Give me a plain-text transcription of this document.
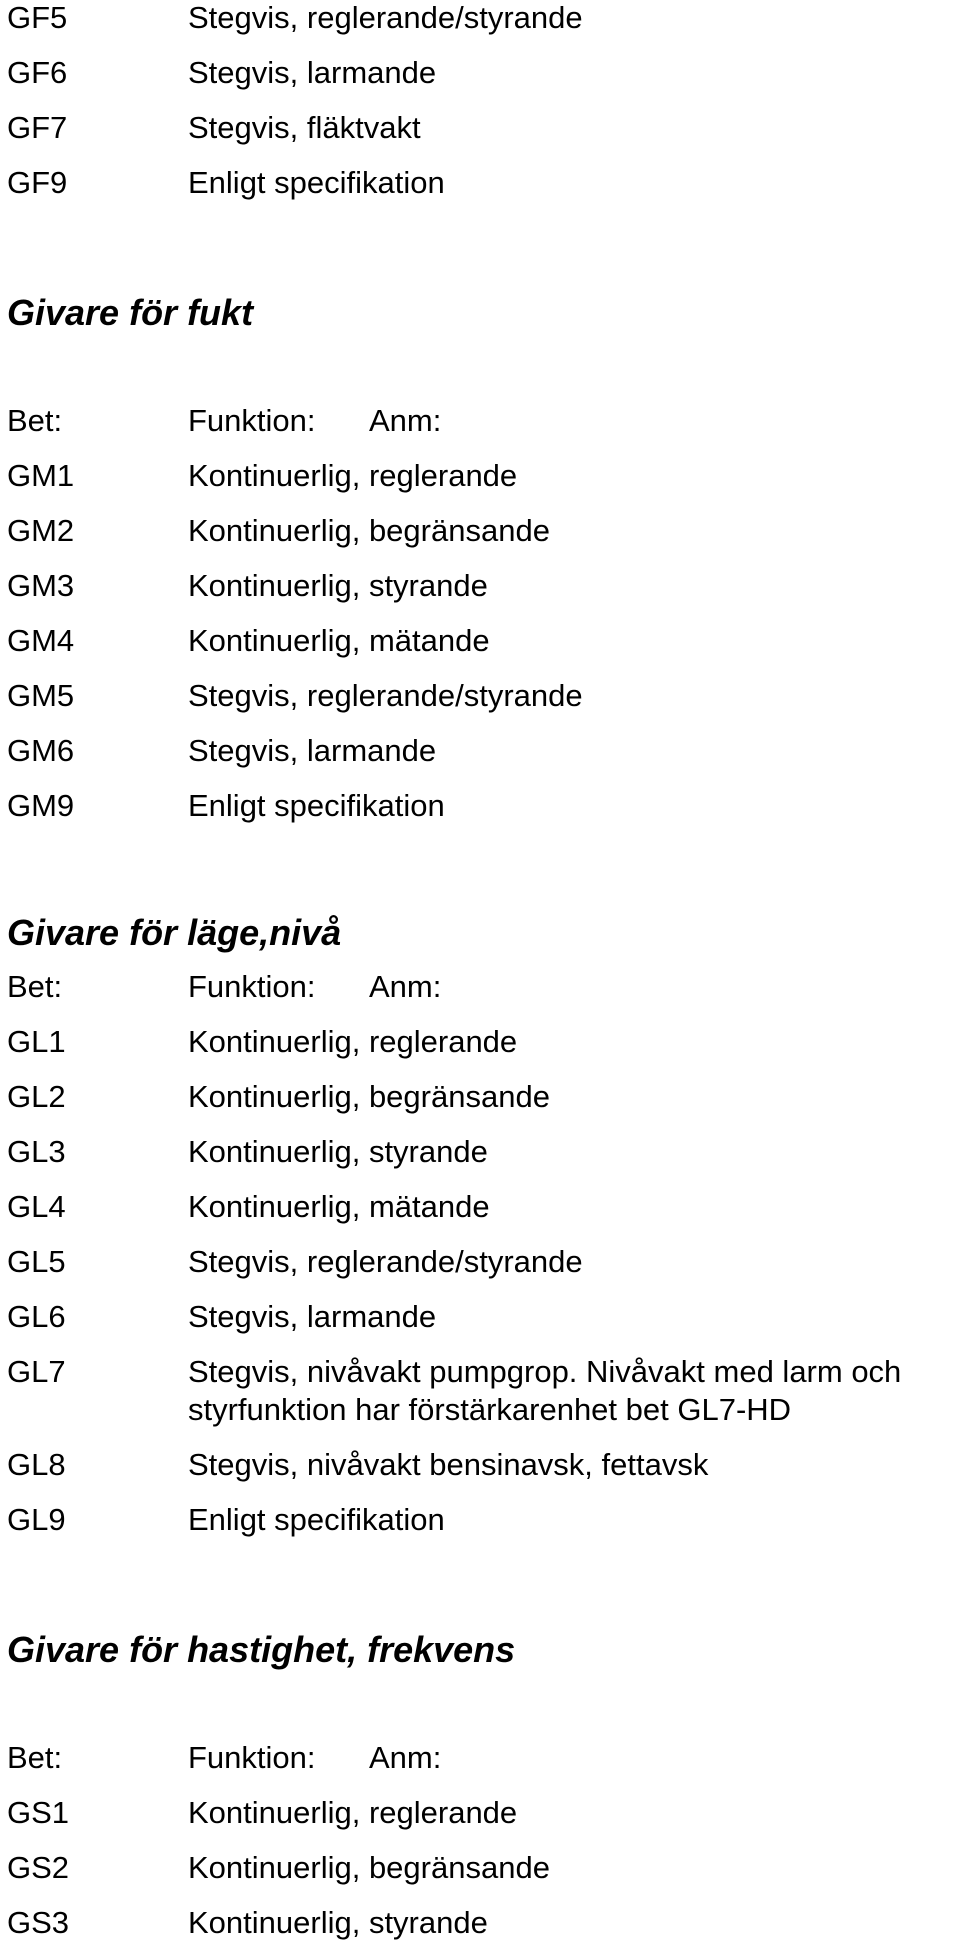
GF5	Stegvis, reglerande/styrande
GF6	Stegvis, larmande
GF7	Stegvis, fläktvakt
GF9	Enligt specifikation
Givare för fukt
Bet:	Funktion: Anm:
GM1	Kontinuerlig, reglerande
GM2	Kontinuerlig, begränsande
GM3	Kontinuerlig, styrande
GM4	Kontinuerlig, mätande
GM5	Stegvis, reglerande/styrande
GM6	Stegvis, larmande
GM9	Enligt specifikation
Givare för läge,nivå
Bet:	Funktion: Anm:
GL1	Kontinuerlig, reglerande
GL2	Kontinuerlig, begränsande
GL3	Kontinuerlig, styrande
GL4	Kontinuerlig, mätande
GL5	Stegvis, reglerande/styrande
GL6	Stegvis, larmande
GL7	Stegvis, nivåvakt pumpgrop. Nivåvakt med larm och
styrfunktion har förstärkarenhet bet GL7-HD
GL8	Stegvis, nivåvakt bensinavsk, fettavsk
GL9	Enligt specifikation
Givare för hastighet, frekvens
Bet:	Funktion: Anm:
GS1	Kontinuerlig, reglerande
GS2	Kontinuerlig, begränsande
GS3	Kontinuerlig, styrande
